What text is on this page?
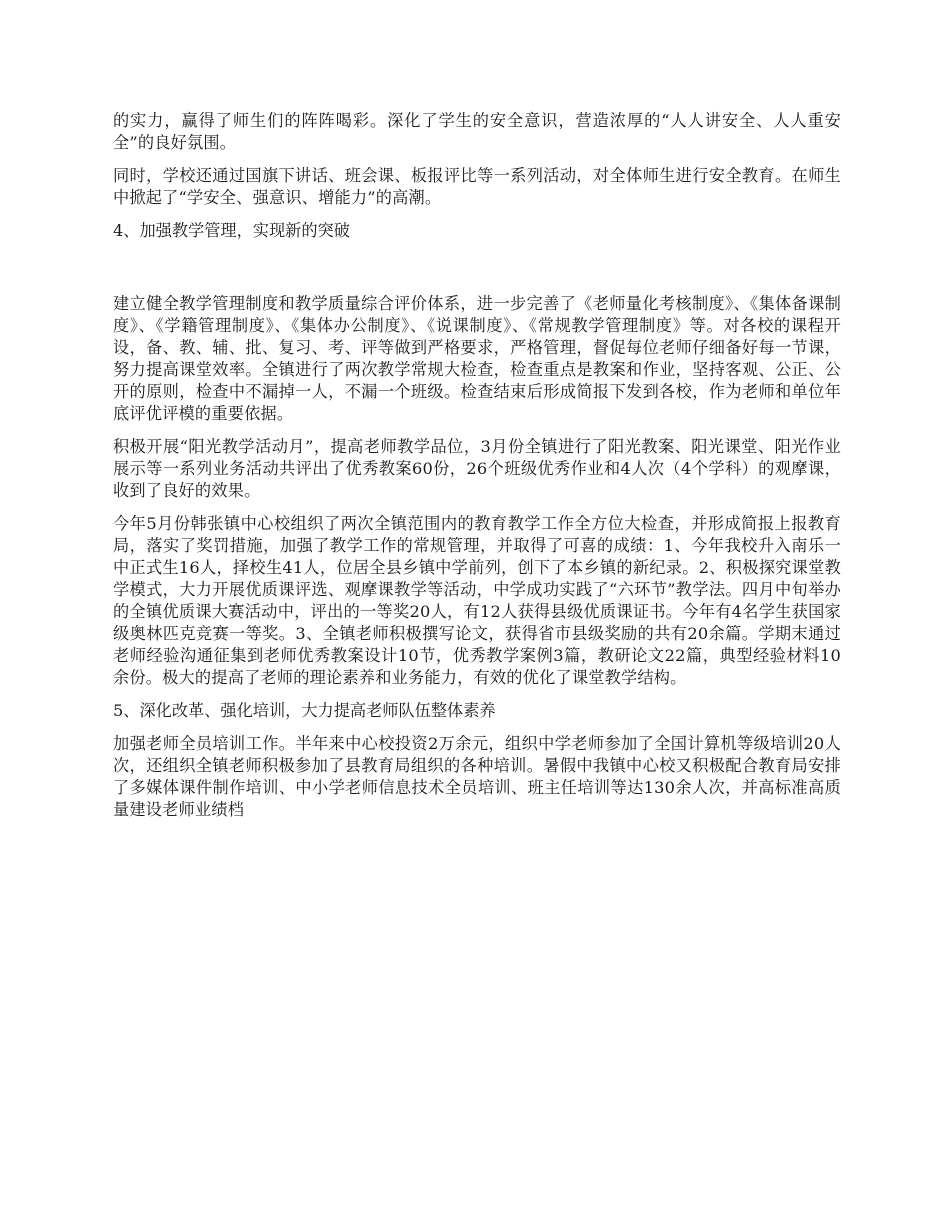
的实力，赢得了师生们的阵阵喝彩。深化了学生的安全意识，营造浓厚的“人人讲安全、人人重安全”的良好氛围。

同时，学校还通过国旗下讲话、班会课、板报评比等一系列活动，对全体师生进行安全教育。在师生中掀起了“学安全、强意识、增能力”的高潮。

4、加强教学管理，实现新的突破

建立健全教学管理制度和教学质量综合评价体系，进一步完善了《老师量化考核制度》、《集体备课制度》、《学籍管理制度》、《集体办公制度》、《说课制度》、《常规教学管理制度》等。对各校的课程开设，备、教、辅、批、复习、考、评等做到严格要求，严格管理，督促每位老师仔细备好每一节课，努力提高课堂效率。全镇进行了两次教学常规大检查，检查重点是教案和作业，坚持客观、公正、公开的原则，检查中不漏掉一人，不漏一个班级。检查结束后形成简报下发到各校，作为老师和单位年底评优评模的重要依据。

积极开展“阳光教学活动月”，提高老师教学品位，3月份全镇进行了阳光教案、阳光课堂、阳光作业展示等一系列业务活动共评出了优秀教案60份，26个班级优秀作业和4人次（4个学科）的观摩课，收到了良好的效果。

今年5月份韩张镇中心校组织了两次全镇范围内的教育教学工作全方位大检查，并形成简报上报教育局，落实了奖罚措施，加强了教学工作的常规管理，并取得了可喜的成绩：1、今年我校升入南乐一中正式生16人，择校生41人，位居全县乡镇中学前列，创下了本乡镇的新纪录。2、积极探究课堂教学模式，大力开展优质课评选、观摩课教学等活动，中学成功实践了“六环节”教学法。四月中旬举办的全镇优质课大赛活动中，评出的一等奖20人，有12人获得县级优质课证书。今年有4名学生获国家级奥林匹克竞赛一等奖。3、全镇老师积极撰写论文，获得省市县级奖励的共有20余篇。学期末通过老师经验沟通征集到老师优秀教案设计10节，优秀教学案例3篇，教研论文22篇，典型经验材料10余份。极大的提高了老师的理论素养和业务能力，有效的优化了课堂教学结构。

5、深化改革、强化培训，大力提高老师队伍整体素养

加强老师全员培训工作。半年来中心校投资2万余元，组织中学老师参加了全国计算机等级培训20人次，还组织全镇老师积极参加了县教育局组织的各种培训。暑假中我镇中心校又积极配合教育局安排了多媒体课件制作培训、中小学老师信息技术全员培训、班主任培训等达130余人次，并高标准高质量建设老师业绩档
